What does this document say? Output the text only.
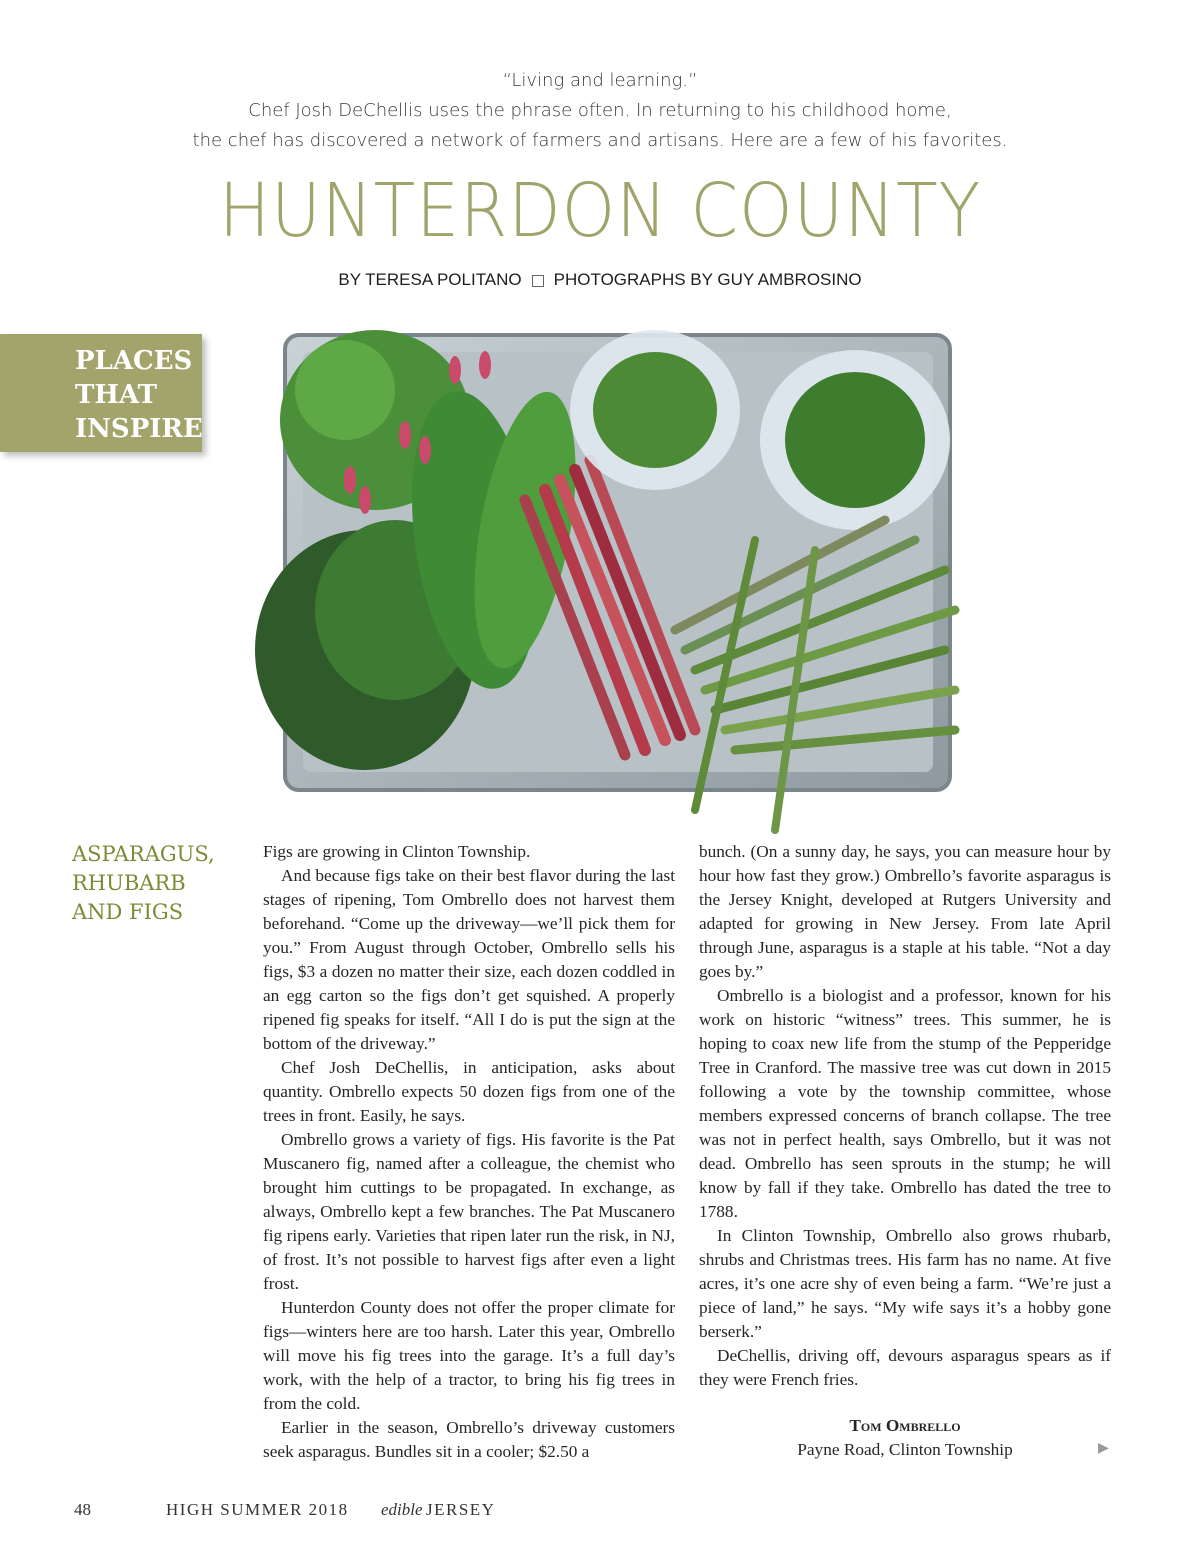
“Living and learning.”
Chef Josh DeChellis uses the phrase often. In returning to his childhood home,
the chef has discovered a network of farmers and artisans. Here are a few of his favorites.
HUNTERDON COUNTY
BY TERESA POLITANO PHOTOGRAPHS BY GUY AMBROSINO
PLACES
THAT
INSPIRE
ASPARAGUS,
RHUBARB
AND FIGS

Figs are growing in Clinton Township.

And because figs take on their best flavor during the last stages of ripening, Tom Ombrello does not harvest them beforehand. “Come up the driveway—we’ll pick them for you.” From August through October, Ombrello sells his figs, $3 a dozen no matter their size, each dozen coddled in an egg carton so the figs don’t get squished. A properly ripened fig speaks for itself. “All I do is put the sign at the bottom of the driveway.”

Chef Josh DeChellis, in anticipation, asks about quantity. Ombrello expects 50 dozen figs from one of the trees in front. Easily, he says.

Ombrello grows a variety of figs. His favorite is the Pat Muscanero fig, named after a colleague, the chemist who brought him cuttings to be propagated. In exchange, as always, Ombrello kept a few branches. The Pat Muscanero fig ripens early. Varieties that ripen later run the risk, in NJ, of frost. It’s not possible to harvest figs after even a light frost.

Hunterdon County does not offer the proper climate for figs—winters here are too harsh. Later this year, Ombrello will move his fig trees into the garage. It’s a full day’s work, with the help of a tractor, to bring his fig trees in from the cold.

Earlier in the season, Ombrello’s driveway customers seek asparagus. Bundles sit in a cooler; $2.50 a

bunch. (On a sunny day, he says, you can measure hour by hour how fast they grow.) Ombrello’s favorite asparagus is the Jersey Knight, developed at Rutgers University and adapted for growing in New Jersey. From late April through June, asparagus is a staple at his table. “Not a day goes by.”

Ombrello is a biologist and a professor, known for his work on historic “witness” trees. This summer, he is hoping to coax new life from the stump of the Pepperidge Tree in Cranford. The massive tree was cut down in 2015 following a vote by the township committee, whose members expressed concerns of branch collapse. The tree was not in perfect health, says Ombrello, but it was not dead. Ombrello has seen sprouts in the stump; he will know by fall if they take. Ombrello has dated the tree to 1788.

In Clinton Township, Ombrello also grows rhubarb, shrubs and Christmas trees. His farm has no name. At five acres, it’s one acre shy of even being a farm. “We’re just a piece of land,” he says. “My wife says it’s a hobby gone berserk.”

DeChellis, driving off, devours asparagus spears as if they were French fries.

Tom Ombrello
Payne Road, Clinton Township	▶
48	HIGH SUMMER 2018 edible JERSEY
